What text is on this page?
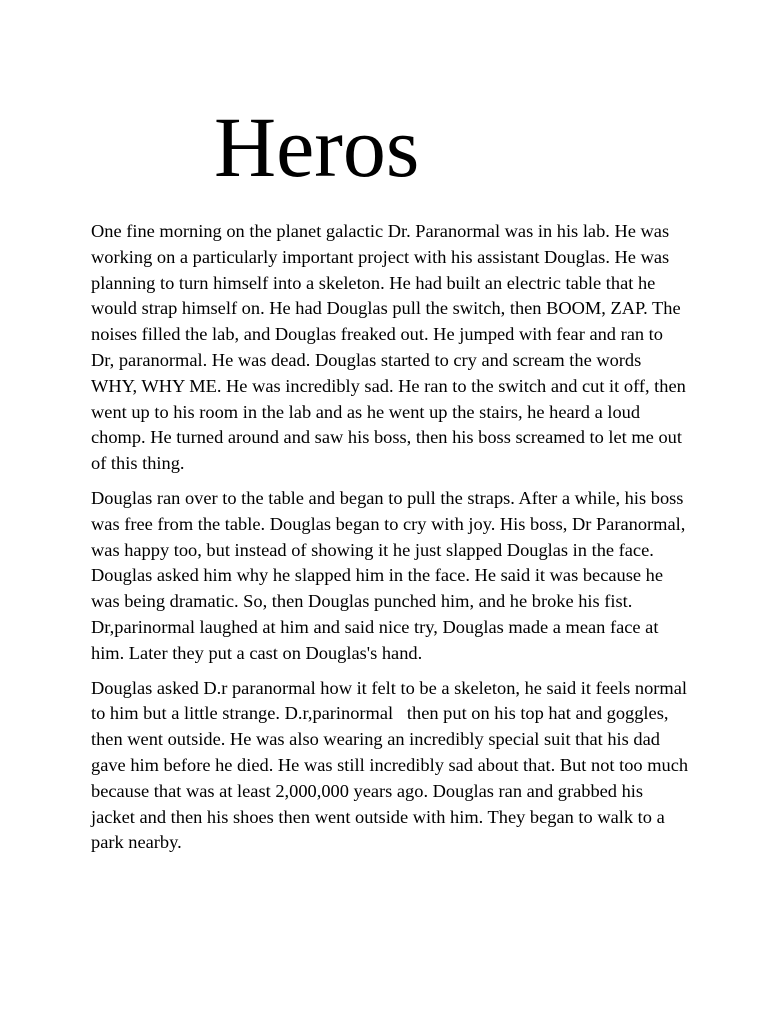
Heros

One fine morning on the planet galactic Dr. Paranormal was in his lab. He was working on a particularly important project with his assistant Douglas. He was planning to turn himself into a skeleton. He had built an electric table that he would strap himself on. He had Douglas pull the switch, then BOOM, ZAP. The noises filled the lab, and Douglas freaked out. He jumped with fear and ran to  Dr, paranormal. He was dead. Douglas started to cry and scream the words WHY, WHY ME. He was incredibly sad. He ran to the switch and cut it off, then went up to his room in the lab and as he went up the stairs, he heard a loud chomp. He turned around and saw his boss, then his boss screamed to let me out of this thing.

Douglas ran over to the table and began to pull the straps. After a while, his boss was free from the table. Douglas began to cry with joy. His boss, Dr Paranormal, was happy too, but instead of showing it he just slapped Douglas in the face. Douglas asked him why he slapped him in the face. He said it was because he was being dramatic. So, then Douglas punched him, and he broke his fist. Dr,parinormal laughed at him and said nice try, Douglas made a mean face at him. Later they put a cast on Douglas's hand.

Douglas asked D.r paranormal how it felt to be a skeleton, he said it feels normal to him but a little strange. D.r,parinormal   then put on his top hat and goggles, then went outside. He was also wearing an incredibly special suit that his dad gave him before he died. He was still incredibly sad about that. But not too much because that was at least 2,000,000 years ago. Douglas ran and grabbed his jacket and then his shoes then went outside with him. They began to walk to a park nearby.
